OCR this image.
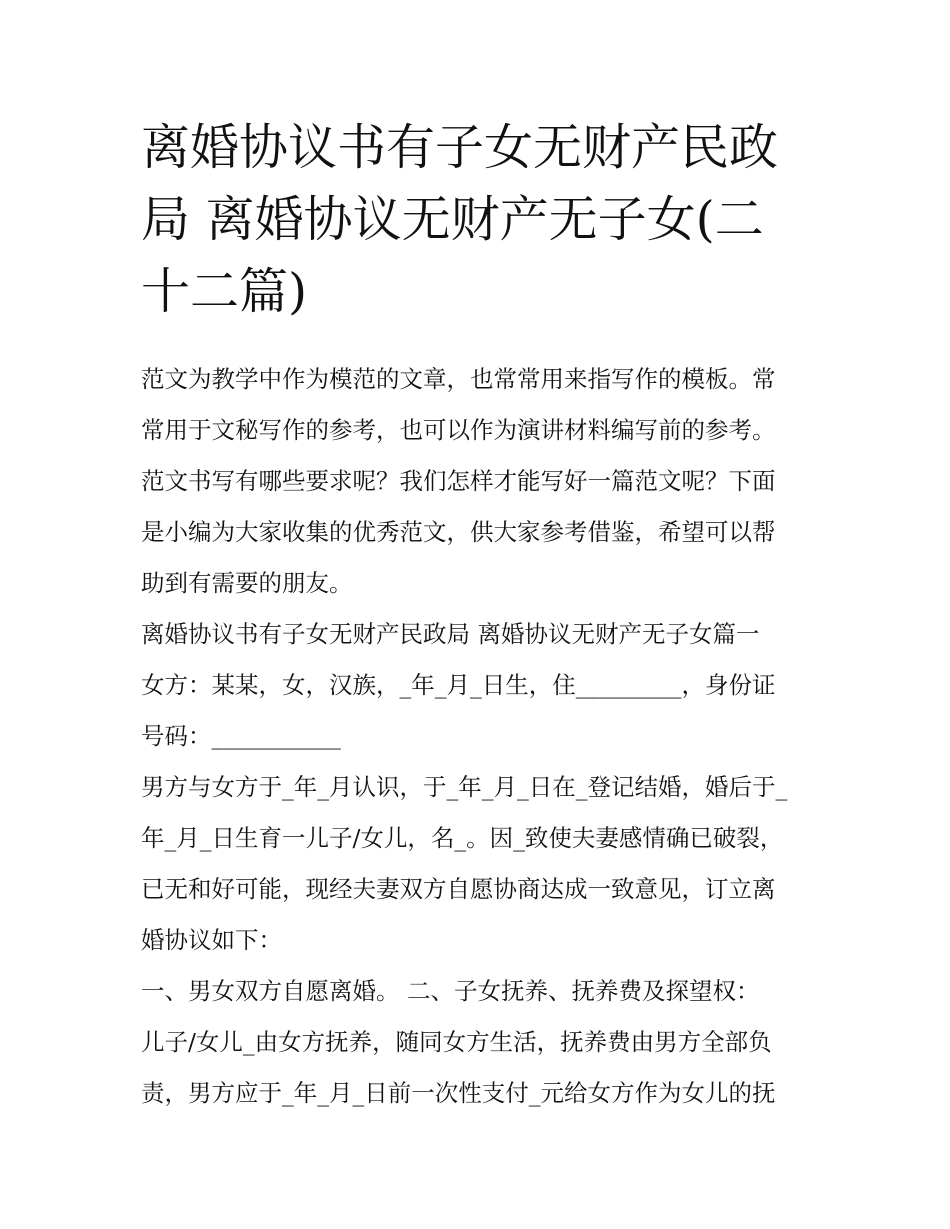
离婚协议书有子女无财产民政
局 离婚协议无财产无子女(二
十二篇)

范文为教学中作为模范的文章，也常常用来指写作的模板。常
常用于文秘写作的参考，也可以作为演讲材料编写前的参考。
范文书写有哪些要求呢？我们怎样才能写好一篇范文呢？下面
是小编为大家收集的优秀范文，供大家参考借鉴，希望可以帮
助到有需要的朋友。

离婚协议书有子女无财产民政局 离婚协议无财产无子女篇一

女方：某某，女，汉族，_年_月_日生，住_________，身份证
号码：___________

男方与女方于_年_月认识，于_年_月_日在_登记结婚，婚后于_
年_月_日生育一儿子/女儿，名_。因_致使夫妻感情确已破裂，
已无和好可能，现经夫妻双方自愿协商达成一致意见，订立离
婚协议如下：

一、男女双方自愿离婚。 二、子女抚养、抚养费及探望权：

儿子/女儿_由女方抚养，随同女方生活，抚养费由男方全部负
责，男方应于_年_月_日前一次性支付_元给女方作为女儿的抚
